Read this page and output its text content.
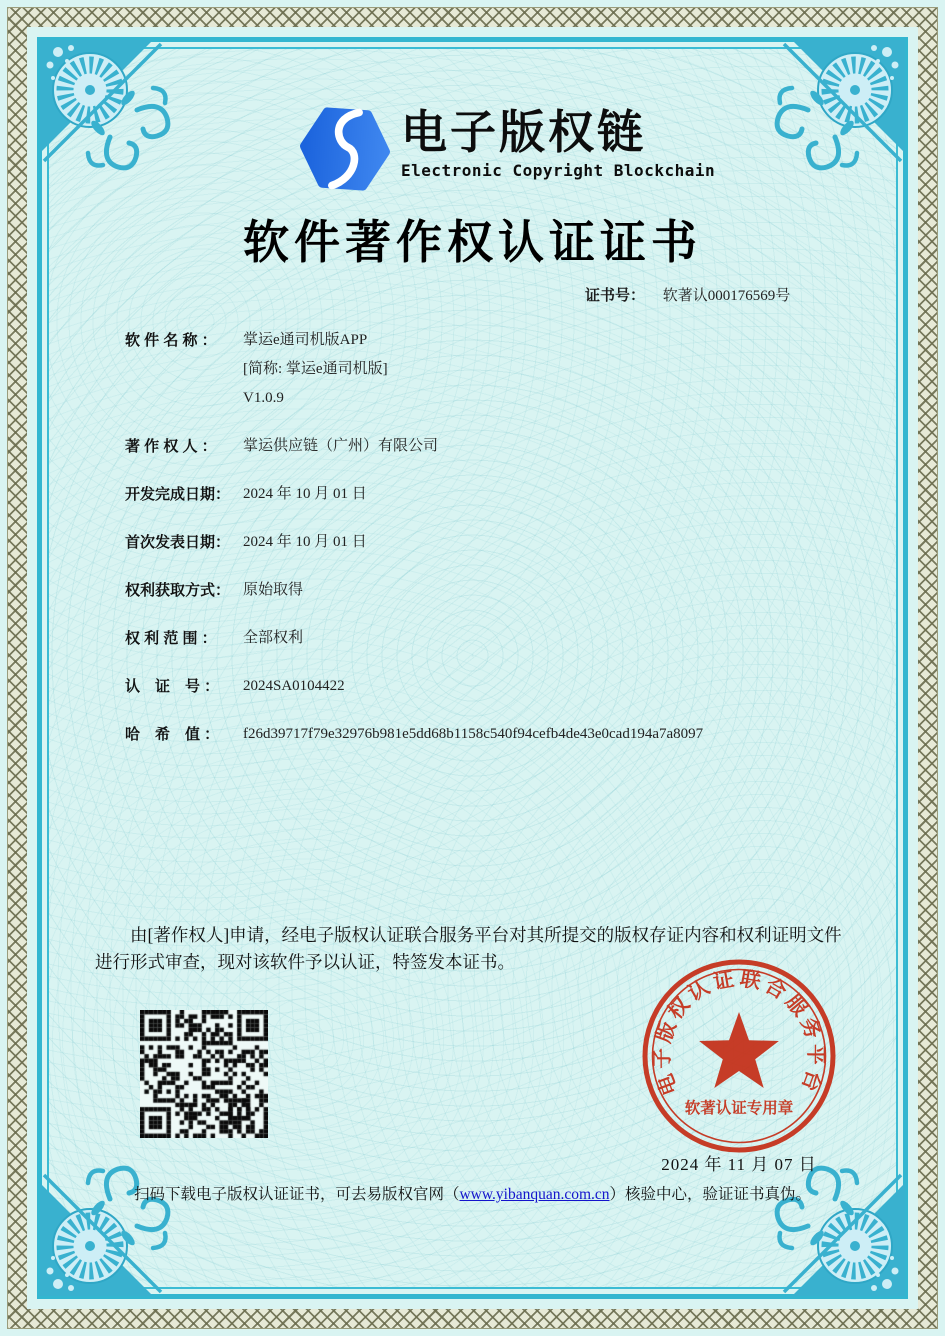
电子版权链
Electronic Copyright Blockchain
软件著作权认证证书
证书号： 软著认000176569号
软 件 名 称 ：	掌运e通司机版APP
[简称: 掌运e通司机版]
V1.0.9
著 作 权 人 ：	掌运供应链（广州）有限公司
开发完成日期： 2024 年 10 月 01 日
首次发表日期： 2024 年 10 月 01 日
权利获取方式： 原始取得
权 利 范 围 ：	全部权利
认　证　号 ：	2024SA0104422
哈　希　值 ：	f26d39717f79e32976b981e5dd68b1158c540f94cefb4de43e0cad194a7a8097
由[著作权人]申请，经电子版权认证联合服务平台对其所提交的版权存证内容和权利证明文件进行形式审查，现对该软件予以认证，特签发本证书。
电子版权认证联合服务平台
软著认证专用章
2024 年 11 月 07 日
扫码下载电子版权认证证书，可去易版权官网（www.yibanquan.com.cn）核验中心，验证证书真伪。
